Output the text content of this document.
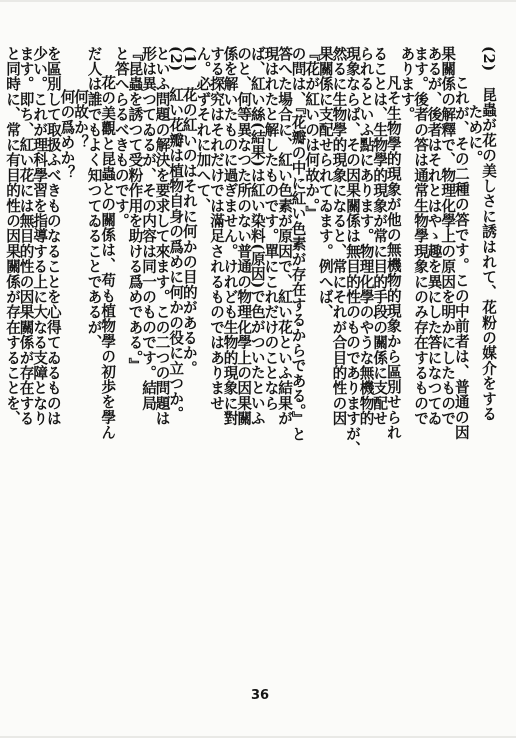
(2)　昆蟲が花の美しさに誘はれて、花粉の媒介をする
　　ために。
　これが、その二種の答です。この中前者は、普通の因
果關係の解釋で、物理化學上の原因を明かにしたもので
あるが、後者はそれとはやゝ趣を異にした答になつてゐ
ます。後者の答は通常生物學現象にのみ存在するもので
あります。
　凡そ生物學的現象が他の無機物的現象から區別せられ
ることは、生物學的現象が常に目的手段の關係に支配せ
られるといふ點にあります。物理化學のやうな無機物的
現象ならば、その因果關係は無目的性のものでありますが、
然るに生物學的現象になると、常にそれが合目的性の因
果關係に支配せられてゐます。例へば、
『花が紅いのは何故か。』
の問は、『花瓣の中に紅い色素が存在するからである。』と
答へた場合に、紅い色素が原因で、紅い花といふ結果が
現はれたと解したものです。單にこれだけのことなら
ば、紅い絲(結果)は紅い染料(原因)で色がついたといふ
のと、何等異なつた所のない普通の物理化學上の因果關
係を解いたものに過ぎません。けれども生物的現象に對
する探究はそれだけでは滿足されるものではありませ
ん。必ずそれに加へて、
(1)　花の紅いのはそれに何かの目的があるか。
(2)　紅い花瓣は植物自身の爲めに何かの役に立つか。
といふ問題の解決を要求して來ます。この二つの問題は
形は異つてゐるが、その内容は同一のものです。結局
『昆蟲を誘つて受粉作用を助ける爲めである。』
と答へらるべきものです。
　花の美觀と昆蟲との關係は、苟も植物學の初歩を學ん
だ人は誰でもよく知つてゐることであるが、
　何故か？
　何の爲めか？
を區別して取扱ふべきものなることを心得てゐるものは
少い。これが理科學習を指導する上に大なる支障となり
ます。即ち、紅い花には無目的性の因果關係が存在する
と同時に、常に有目的性の因果關係が存在することを、
36
